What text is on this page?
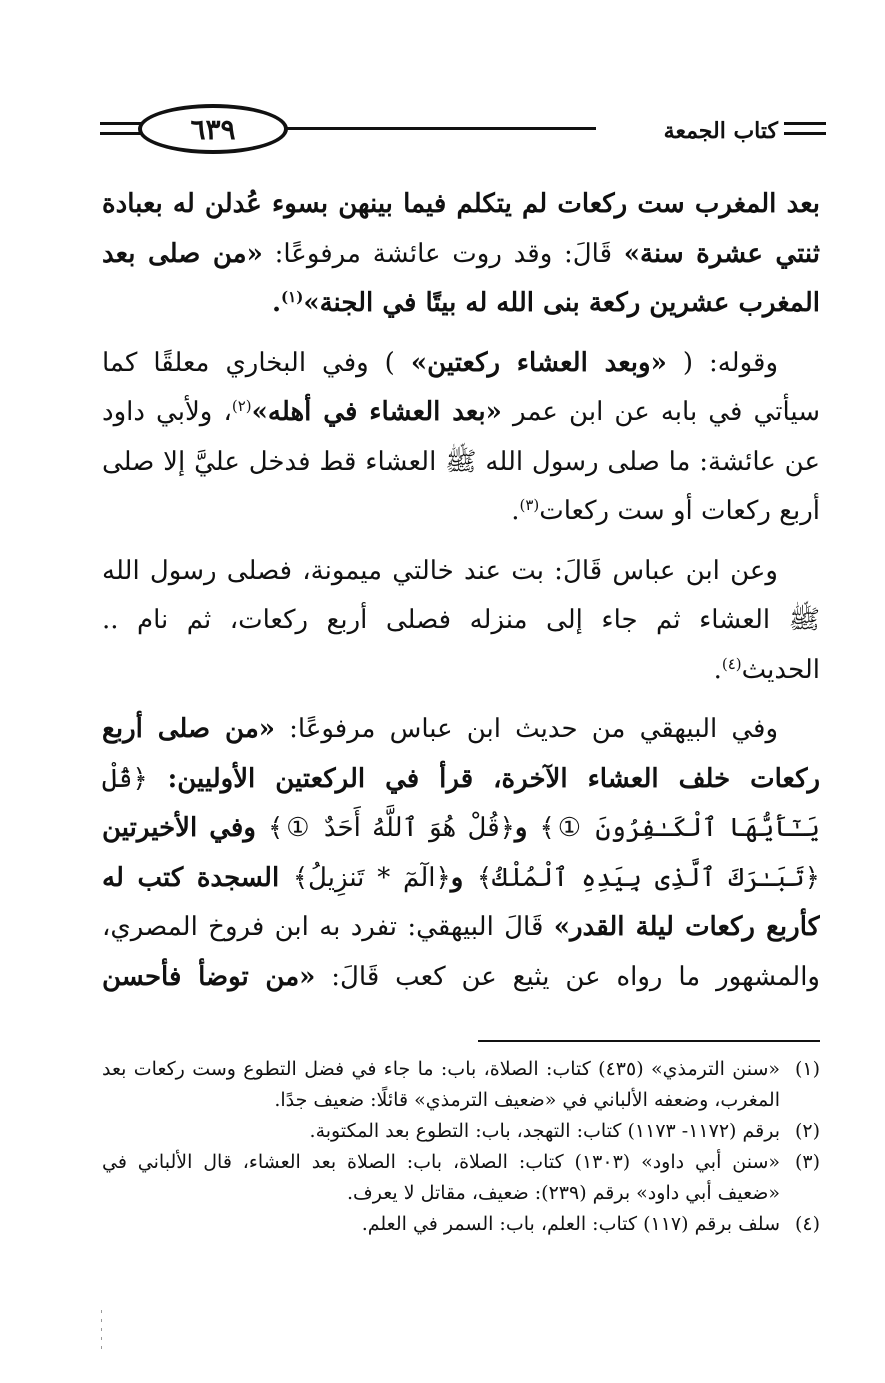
٦٣٩	كتاب الجمعة

بعد المغرب ست ركعات لم يتكلم فيما بينهن بسوء عُدلن له بعبادة ثنتي عشرة سنة» قَالَ: وقد روت عائشة مرفوعًا: «من صلى بعد المغرب عشرين ركعة بنى الله له بيتًا في الجنة»$^{(١)}$.

وقوله: ( «وبعد العشاء ركعتين» ) وفي البخاري معلقًا كما سيأتي في بابه عن ابن عمر «بعد العشاء في أهله»$^{(٢)}$، ولأبي داود عن عائشة: ما صلى رسول الله ﷺ العشاء قط فدخل عليَّ إلا صلى أربع ركعات أو ست ركعات$^{(٣)}$.

وعن ابن عباس قَالَ: بت عند خالتي ميمونة، فصلى رسول الله ﷺ العشاء ثم جاء إلى منزله فصلى أربع ركعات، ثم نام .. الحديث$^{(٤)}$.

وفي البيهقي من حديث ابن عباس مرفوعًا: «من صلى أربع ركعات خلف العشاء الآخرة، قرأ في الركعتين الأوليين: ﴿قُلْ يَـٰٓأَيُّهَا ٱلْكَـٰفِرُونَ ①﴾ و﴿قُلْ هُوَ ٱللَّهُ أَحَدٌ ①﴾ وفي الأخيرتين ﴿تَبَـٰرَكَ ٱلَّذِى بِيَدِهِ ٱلْمُلْكُ﴾ و﴿الٓمٓ * تَنزِيلُ﴾ السجدة كتب له كأربع ركعات ليلة القدر» قَالَ البيهقي: تفرد به ابن فروخ المصري، والمشهور ما رواه عن يثيع عن كعب قَالَ: «من توضأ فأحسن

(١)
«سنن الترمذي» (٤٣٥) كتاب: الصلاة، باب: ما جاء في فضل التطوع وست ركعات بعد المغرب، وضعفه الألباني في «ضعيف الترمذي» قائلًا: ضعيف جدًا.
(٢)
برقم (١١٧٢- ١١٧٣) كتاب: التهجد، باب: التطوع بعد المكتوبة.
(٣)
«سنن أبي داود» (١٣٠٣) كتاب: الصلاة، باب: الصلاة بعد العشاء، قال الألباني في «ضعيف أبي داود» برقم (٢٣٩): ضعيف، مقاتل لا يعرف.
(٤)
سلف برقم (١١٧) كتاب: العلم، باب: السمر في العلم.
